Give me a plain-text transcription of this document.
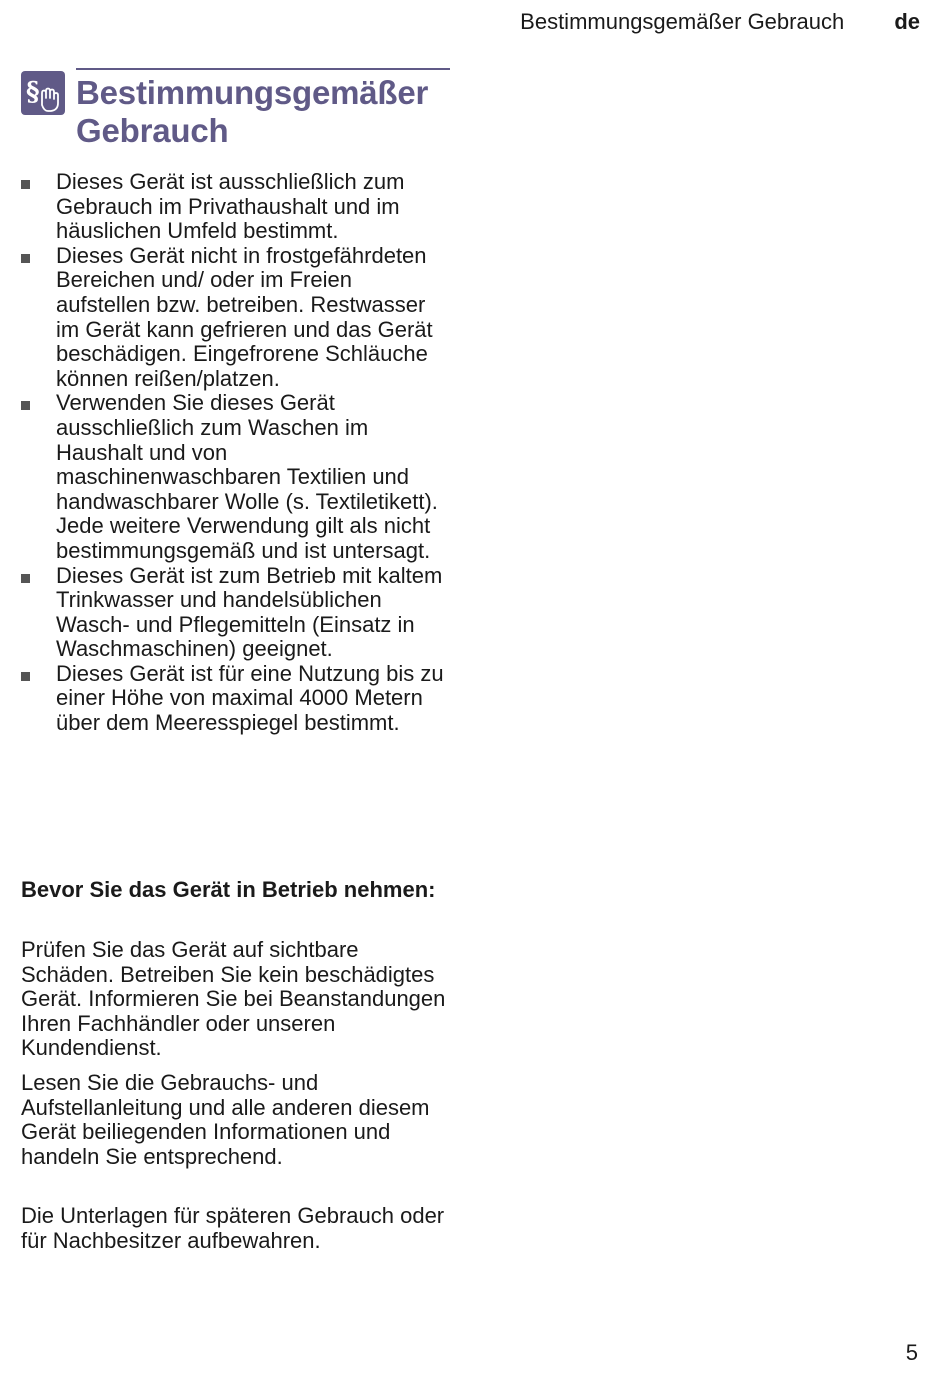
Bestimmungsgemäßer Gebrauch de
§ Bestimmungsgemäßer Gebrauch
Dieses Gerät ist ausschließlich zum Gebrauch im Privathaushalt und im häuslichen Umfeld bestimmt.
Dieses Gerät nicht in frostgefährdeten Bereichen und/ oder im Freien aufstellen bzw. betreiben. Restwasser im Gerät kann gefrieren und das Gerät beschädigen. Eingefrorene Schläuche können reißen/platzen.
Verwenden Sie dieses Gerät ausschließlich zum Waschen im Haushalt und von maschinenwaschbaren Textilien und handwaschbarer Wolle (s. Textiletikett). Jede weitere Verwendung gilt als nicht bestimmungsgemäß und ist untersagt.
Dieses Gerät ist zum Betrieb mit kaltem Trinkwasser und handelsüblichen Wasch- und Pflegemitteln (Einsatz in Waschmaschinen) geeignet.
Dieses Gerät ist für eine Nutzung bis zu einer Höhe von maximal 4000 Metern über dem Meeresspiegel bestimmt.
Bevor Sie das Gerät in Betrieb nehmen:

Prüfen Sie das Gerät auf sichtbare Schäden. Betreiben Sie kein beschädigtes Gerät. Informieren Sie bei Beanstandungen Ihren Fachhändler oder unseren Kundendienst.

Lesen Sie die Gebrauchs- und Aufstellanleitung und alle anderen diesem Gerät beiliegenden Informationen und handeln Sie entsprechend.

Die Unterlagen für späteren Gebrauch oder für Nachbesitzer aufbewahren.

5
